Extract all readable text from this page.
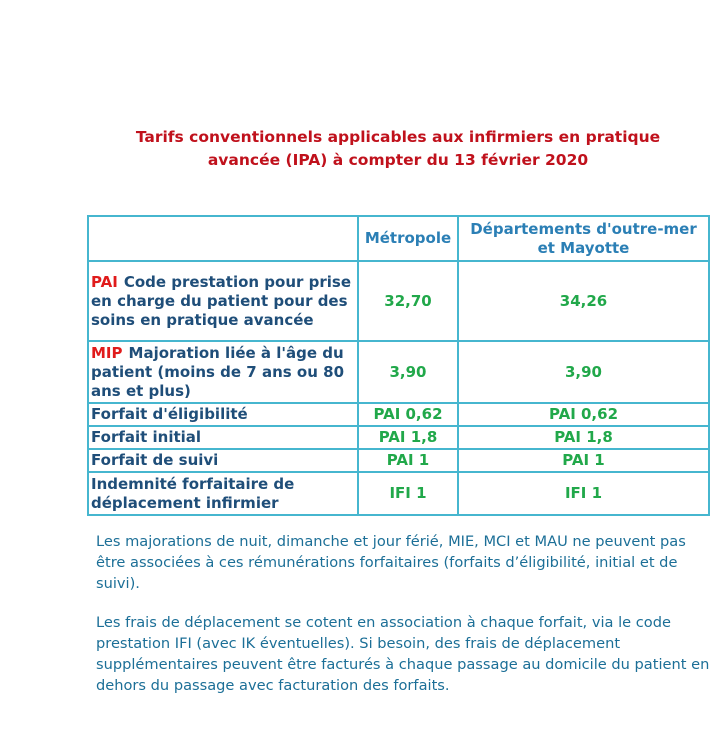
Tarifs conventionnels applicables aux infirmiers en pratique
avancée (IPA) à compter du 13 février 2020
	Métropole	Départements d'outre-mer et Mayotte
PAI Code prestation pour prise en charge du patient pour des soins en pratique avancée	32,70	34,26
MIP Majoration liée à l'âge du patient (moins de 7 ans ou 80 ans et plus)	3,90	3,90
Forfait d'éligibilité	PAI 0,62	PAI 0,62
Forfait initial	PAI 1,8	PAI 1,8
Forfait de suivi	PAI 1	PAI 1
Indemnité forfaitaire de déplacement infirmier	IFI 1	IFI 1

Les majorations de nuit, dimanche et jour férié, MIE, MCI et MAU ne peuvent pas être associées à ces rémunérations forfaitaires (forfaits d’éligibilité, initial et de suivi).

Les frais de déplacement se cotent en association à chaque forfait, via le code prestation IFI (avec IK éventuelles). Si besoin, des frais de déplacement supplémentaires peuvent être facturés à chaque passage au domicile du patient en dehors du passage avec facturation des forfaits.
